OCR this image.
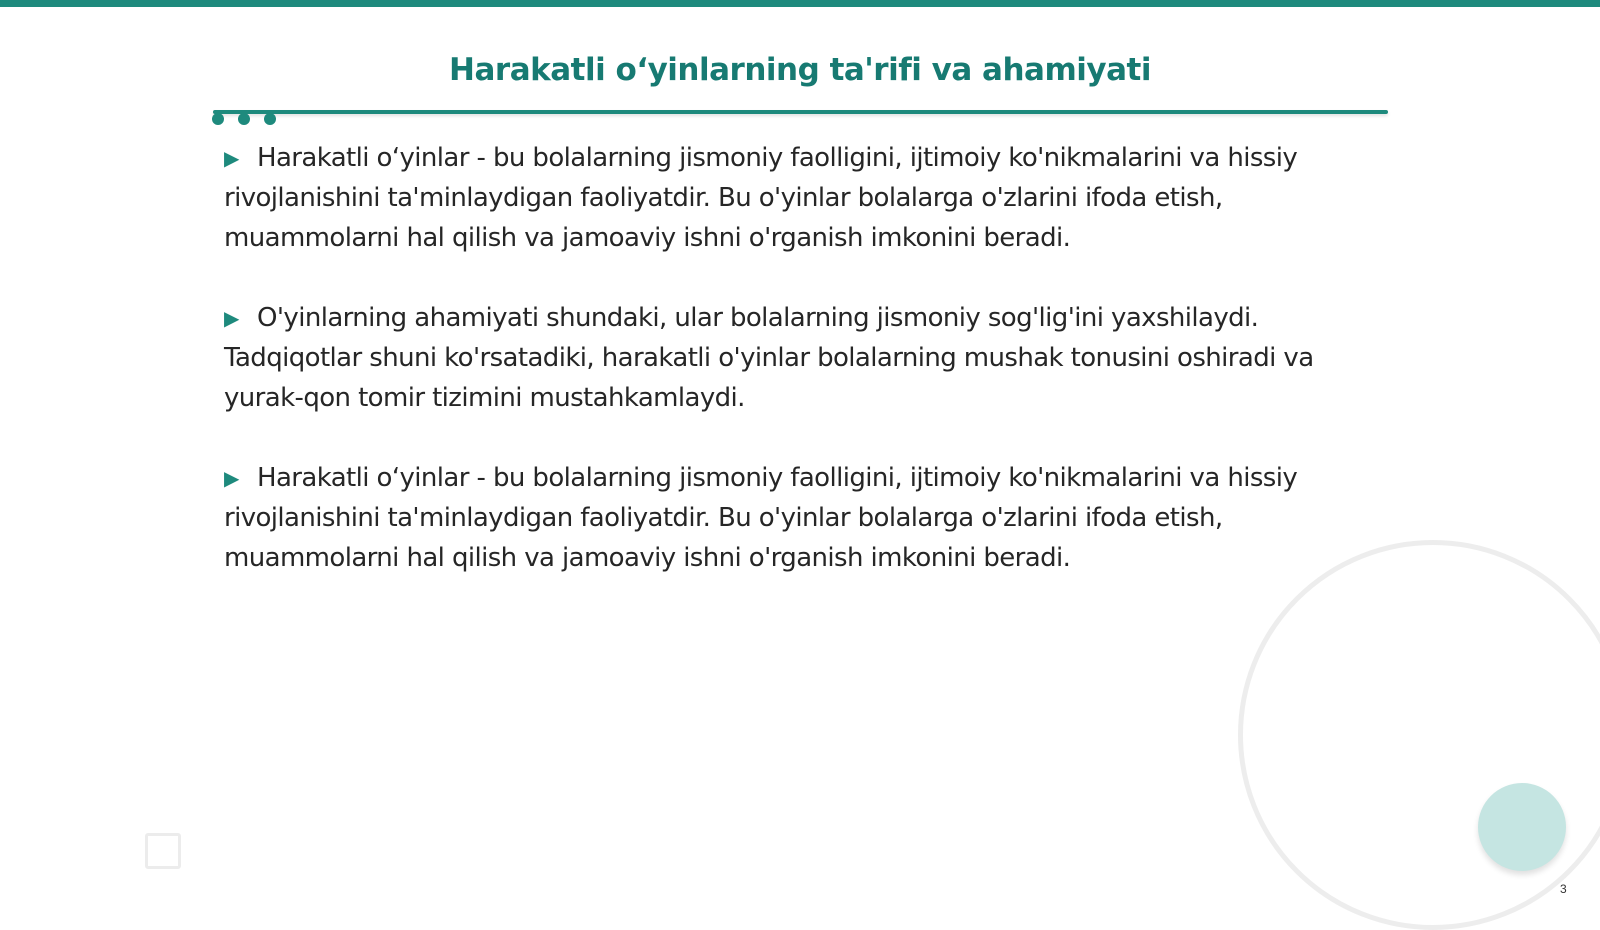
Harakatli o‘yinlarning ta'rifi va ahamiyati

▶ Harakatli o‘yinlar - bu bolalarning jismoniy faolligini, ijtimoiy ko'nikmalarini va hissiy rivojlanishini ta'minlaydigan faoliyatdir. Bu o'yinlar bolalarga o'zlarini ifoda etish, muammolarni hal qilish va jamoaviy ishni o'rganish imkonini beradi.

▶ O'yinlarning ahamiyati shundaki, ular bolalarning jismoniy sog'lig'ini yaxshilaydi. Tadqiqotlar shuni ko'rsatadiki, harakatli o'yinlar bolalarning mushak tonusini oshiradi va yurak-qon tomir tizimini mustahkamlaydi.

▶ Harakatli o‘yinlar - bu bolalarning jismoniy faolligini, ijtimoiy ko'nikmalarini va hissiy rivojlanishini ta'minlaydigan faoliyatdir. Bu o'yinlar bolalarga o'zlarini ifoda etish, muammolarni hal qilish va jamoaviy ishni o'rganish imkonini beradi.

3
